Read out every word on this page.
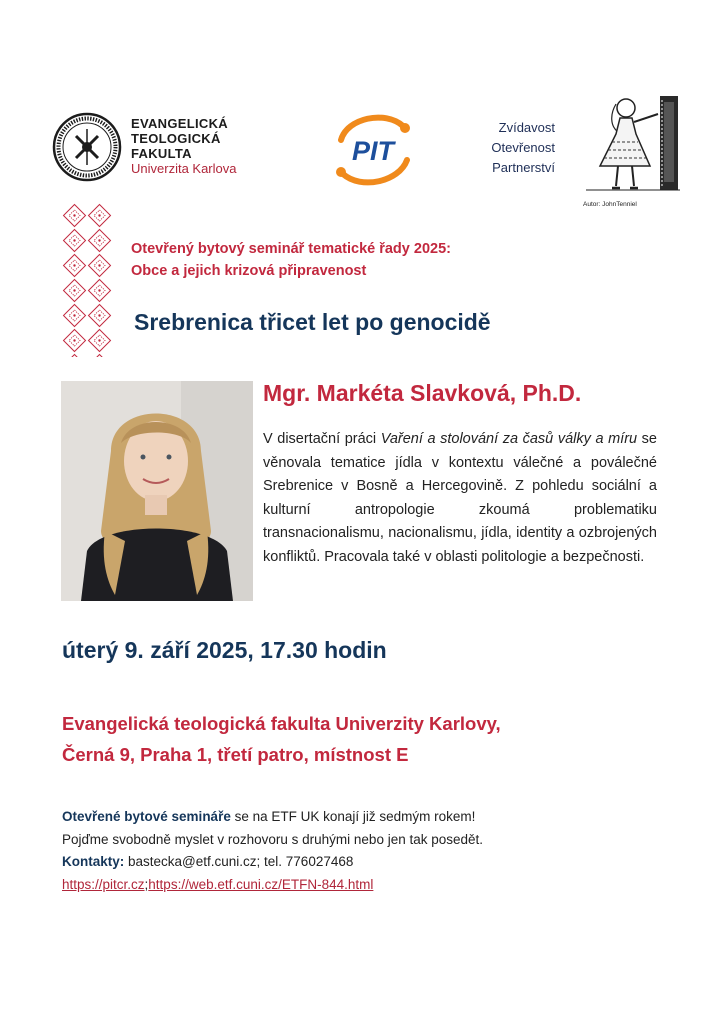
EVANGELICKÁ
TEOLOGICKÁ
FAKULTA
Univerzita Karlova
PIT
Zvídavost
Otevřenost
Partnerství
Autor: JohnTenniel
Otevřený bytový seminář tematické řady 2025:
Obce a jejich krizová připravenost
Srebrenica třicet let po genocidě
Mgr. Markéta Slavková, Ph.D.

V disertační práci Vaření a stolování za časů války a míru se věnovala tematice jídla v kontextu válečné a poválečné Srebrenice v Bosně a Hercegovině. Z pohledu sociální a kulturní antropologie zkoumá problematiku transnacionalismu, nacionalismu, jídla, identity a ozbrojených konfliktů. Pracovala také v oblasti politologie a bezpečnosti.

úterý 9. září 2025, 17.30 hodin
Evangelická teologická fakulta Univerzity Karlovy,
Černá 9, Praha 1, třetí patro, místnost E
Otevřené bytové semináře se na ETF UK konají již sedmým rokem!
Pojďme svobodně myslet v rozhovoru s druhými nebo jen tak posedět.
Kontakty: bastecka@etf.cuni.cz; tel. 776027468
https://pitcr.cz;https://web.etf.cuni.cz/ETFN-844.html
